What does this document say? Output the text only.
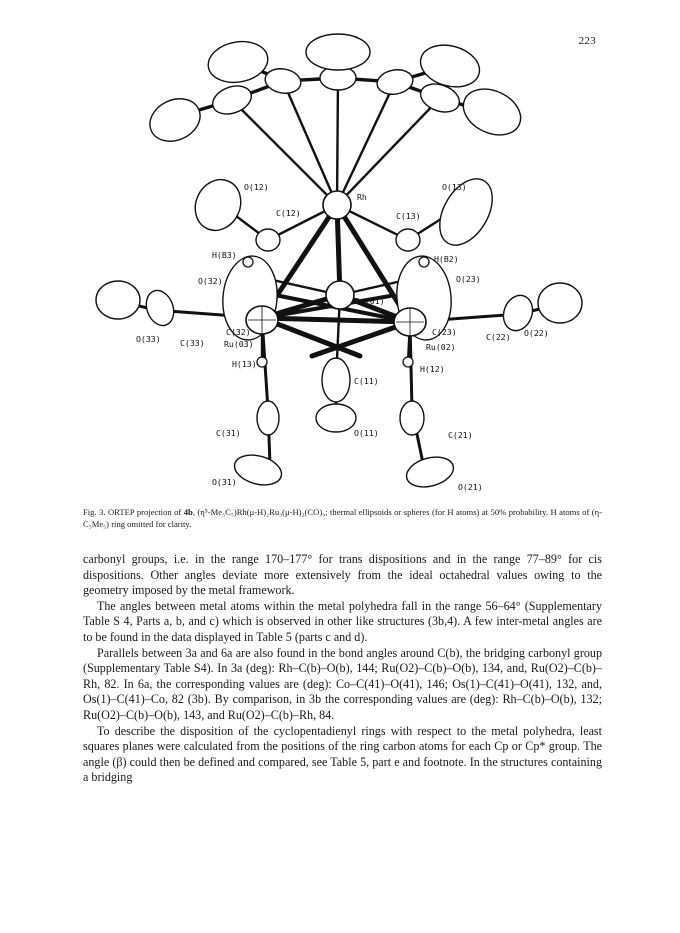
223
O(12)	O(13)
Rh
C(12)	C(13)
H(B3)	H(B2)
O(32)	O(23)
Ru(01)
C(32)	C(23)
O(33) C(33) Ru(03)	Ru(02)
C(22) O(22)
H(13)	H(12)
C(11)
C(31)	O(11)	C(21)
O(31)	O(21)
Fig. 3. ORTEP projection of 4b, (η⁵-Me₅C₅)Rh(μ-H)₂Ru₃(μ-H)₂(CO)₉; thermal ellipsoids or spheres (for H atoms) at 50% probability. H atoms of (η-C₅Me₅) ring omitted for clarity.

carbonyl groups, i.e. in the range 170–177° for trans dispositions and in the range 77–89° for cis dispositions. Other angles deviate more extensively from the ideal octahedral values owing to the geometry imposed by the metal framework.

The angles between metal atoms within the metal polyhedra fall in the range 56–64° (Supplementary Table S 4, Parts a, b, and c) which is observed in other like structures (3b,4). A few inter-metal angles are to be found in the data displayed in Table 5 (parts c and d).

Parallels between 3a and 6a are also found in the bond angles around C(b), the bridging carbonyl group (Supplementary Table S4). In 3a (deg): Rh–C(b)–O(b), 144; Ru(O2)–C(b)–O(b), 134, and, Ru(O2)–C(b)–Rh, 82. In 6a, the corresponding values are (deg): Co–C(41)–O(41), 146; Os(1)–C(41)–O(41), 132, and, Os(1)–C(41)–Co, 82 (3b). By comparison, in 3b the corresponding values are (deg): Rh–C(b)–O(b), 132; Ru(O2)–C(b)–O(b), 143, and Ru(O2)–C(b)–Rh, 84.

To describe the disposition of the cyclopentadienyl rings with respect to the metal polyhedra, least squares planes were calculated from the positions of the ring carbon atoms for each Cp or Cp* group. The angle (β) could then be defined and compared, see Table 5, part e and footnote. In the structures containing a bridging
